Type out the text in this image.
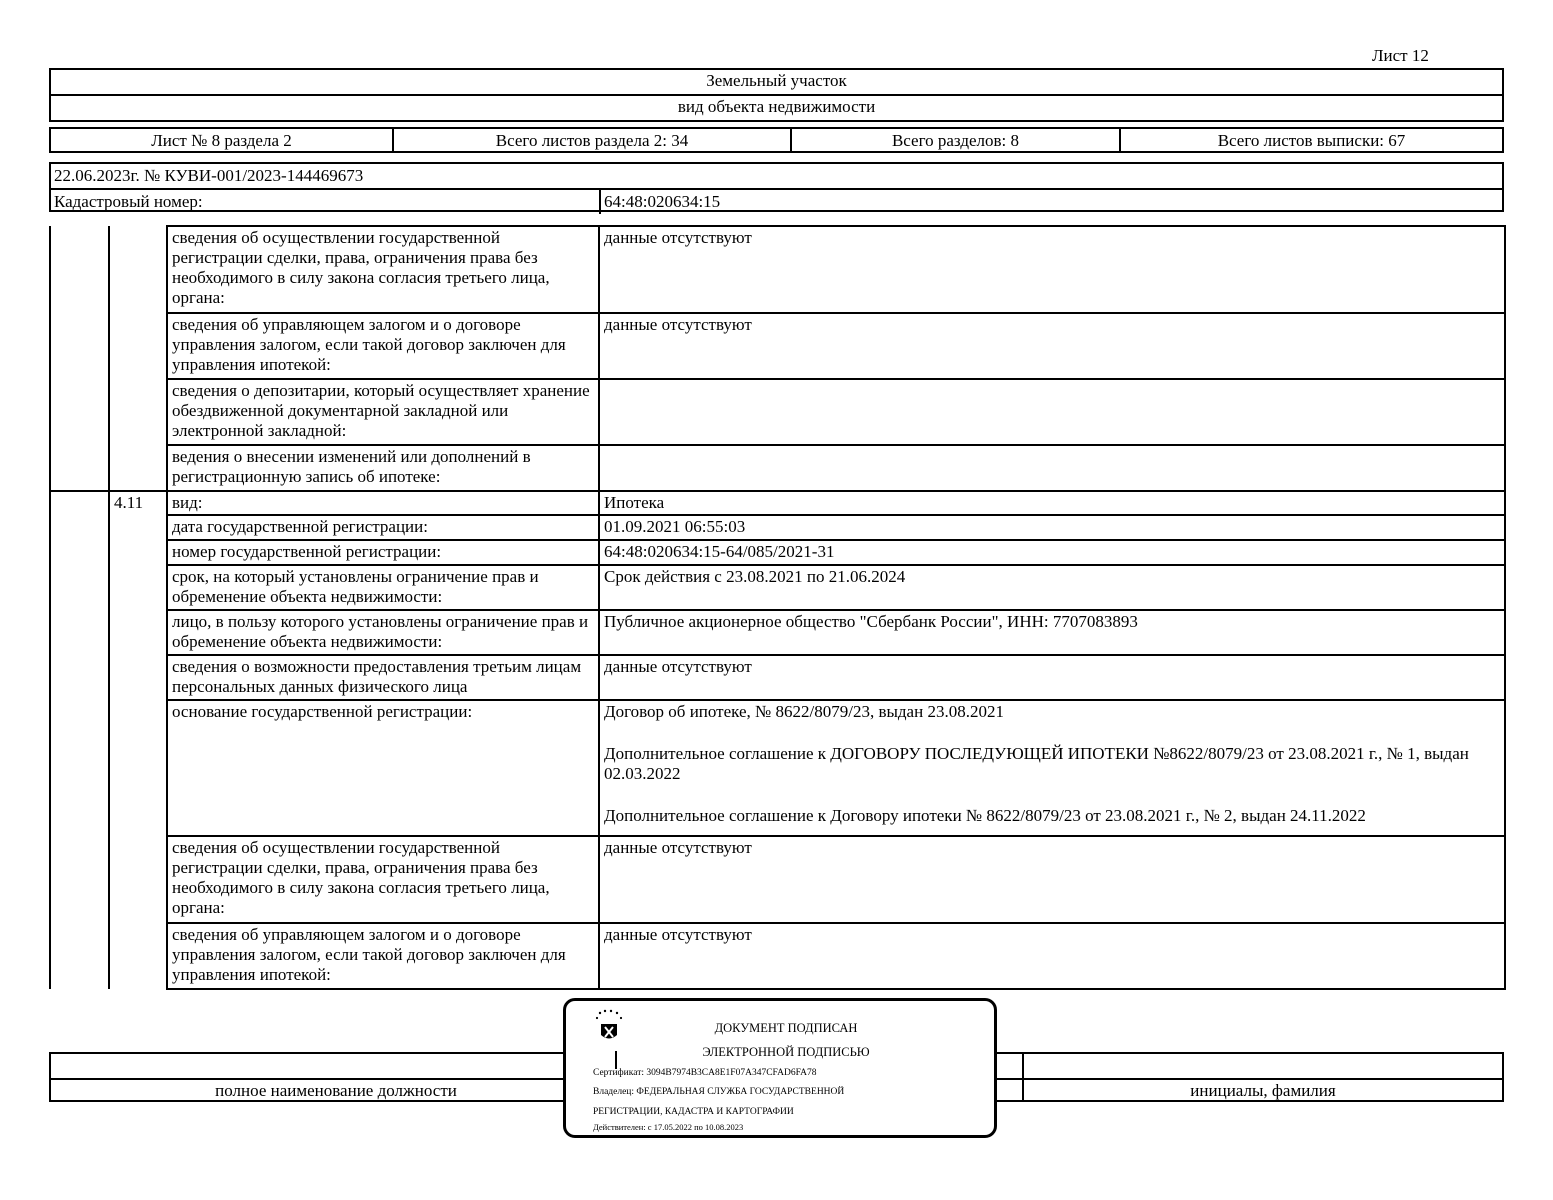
Лист 12
Земельный участок
вид объекта недвижимости
Лист № 8 раздела 2	Всего листов раздела 2: 34	Всего разделов: 8	Всего листов выписки: 67
22.06.2023г. № КУВИ-001/2023-144469673
Кадастровый номер:	64:48:020634:15
		сведения об осуществлении государственной регистрации сделки, права, ограничения права без необходимого в силу закона согласия третьего лица, органа:	данные отсутствуют
		сведения об управляющем залогом и о договоре управления залогом, если такой договор заключен для управления ипотекой:	данные отсутствуют
		сведения о депозитарии, который осуществляет хранение обездвиженной документарной закладной или электронной закладной:	
		ведения о внесении изменений или дополнений в регистрационную запись об ипотеке:	
	4.11	вид:	Ипотека
		дата государственной регистрации:	01.09.2021 06:55:03
		номер государственной регистрации:	64:48:020634:15-64/085/2021-31
		срок, на который установлены ограничение прав и обременение объекта недвижимости:	Срок действия с 23.08.2021 по 21.06.2024
		лицо, в пользу которого установлены ограничение прав и обременение объекта недвижимости:	Публичное акционерное общество "Сбербанк России", ИНН: 7707083893
		сведения о возможности предоставления третьим лицам персональных данных физического лица	данные отсутствуют
		основание государственной регистрации:	Договор об ипотеке, № 8622/8079/23, выдан 23.08.2021
Дополнительное соглашение к ДОГОВОРУ ПОСЛЕДУЮЩЕЙ ИПОТЕКИ №8622/8079/23 от 23.08.2021 г., № 1, выдан 02.03.2022
Дополнительное соглашение к Договору ипотеки № 8622/8079/23 от 23.08.2021 г., № 2, выдан 24.11.2022

		сведения об осуществлении государственной регистрации сделки, права, ограничения права без необходимого в силу закона согласия третьего лица, органа:	данные отсутствуют
		сведения об управляющем залогом и о договоре управления залогом, если такой договор заключен для управления ипотекой:	данные отсутствуют
полное наименование должности	инициалы, фамилия
ДОКУМЕНТ ПОДПИСАН
ЭЛЕКТРОННОЙ ПОДПИСЬЮ
Сертификат: 3094B7974B3CA8E1F07A347CFAD6FA78
Владелец: ФЕДЕРАЛЬНАЯ СЛУЖБА ГОСУДАРСТВЕННОЙ
РЕГИСТРАЦИИ, КАДАСТРА И КАРТОГРАФИИ
Действителен: с 17.05.2022 по 10.08.2023
